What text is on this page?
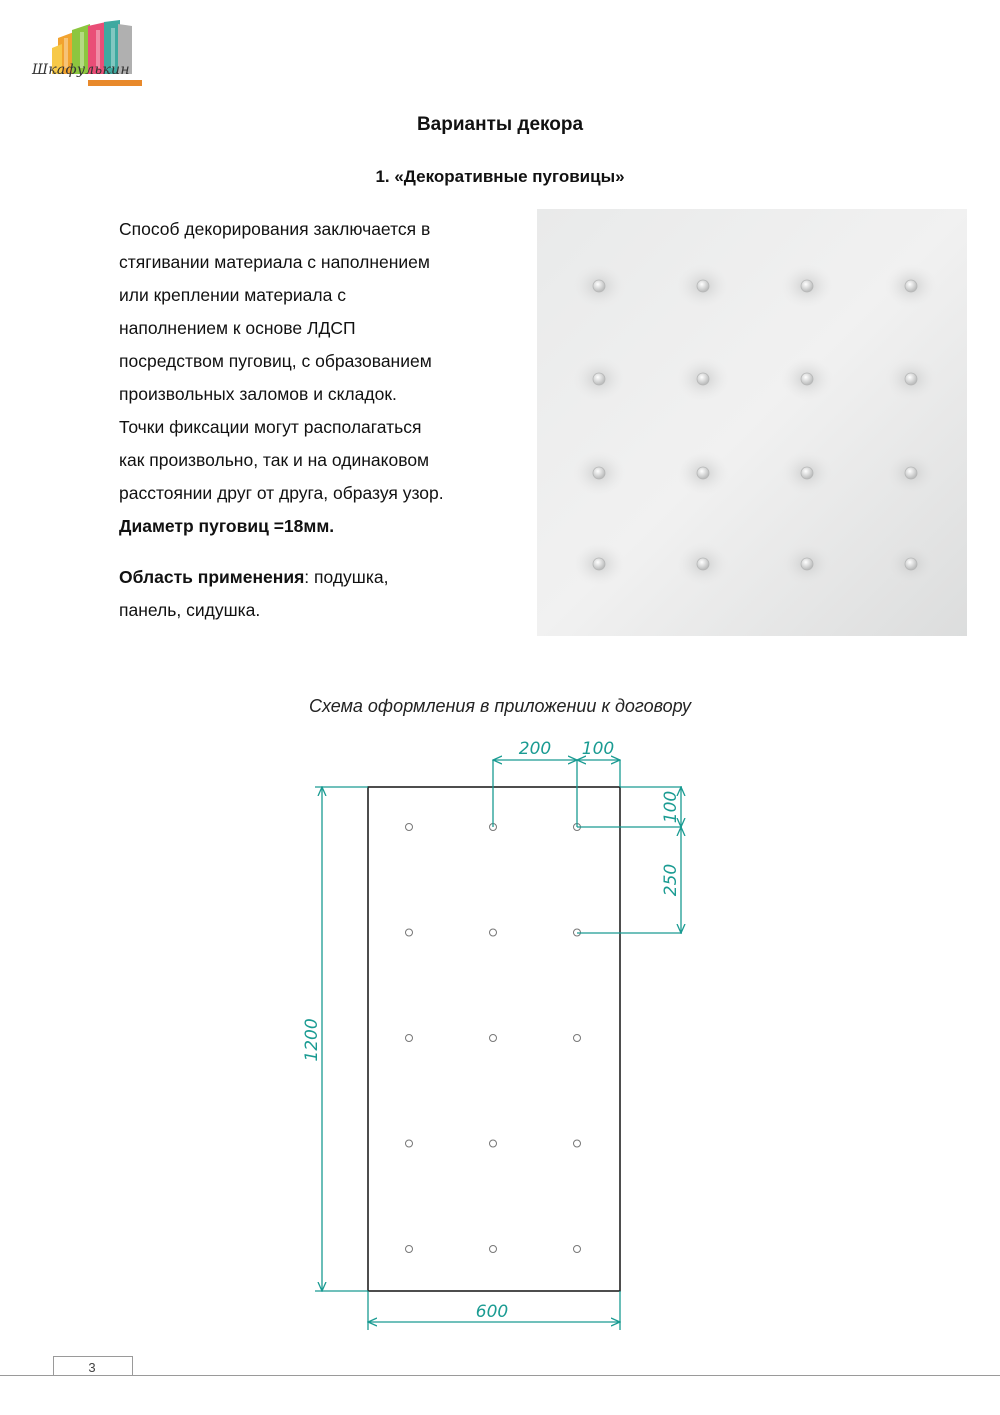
Шкафулькин
Варианты декора
1. «Декоративные пуговицы»
Способ декорирования заключается в
стягивании материала с наполнением
или креплении материала с
наполнением к основе ЛДСП
посредством пуговиц, с образованием
произвольных заломов и складок.
Точки фиксации могут располагаться
как произвольно, так и на одинаковом
расстоянии друг от друга, образуя узор.
Диаметр пуговиц =18мм.
Область применения: подушка,
панель, сидушка.
Схема оформления в приложении к договору
200 100
100
250
1200
600
3
